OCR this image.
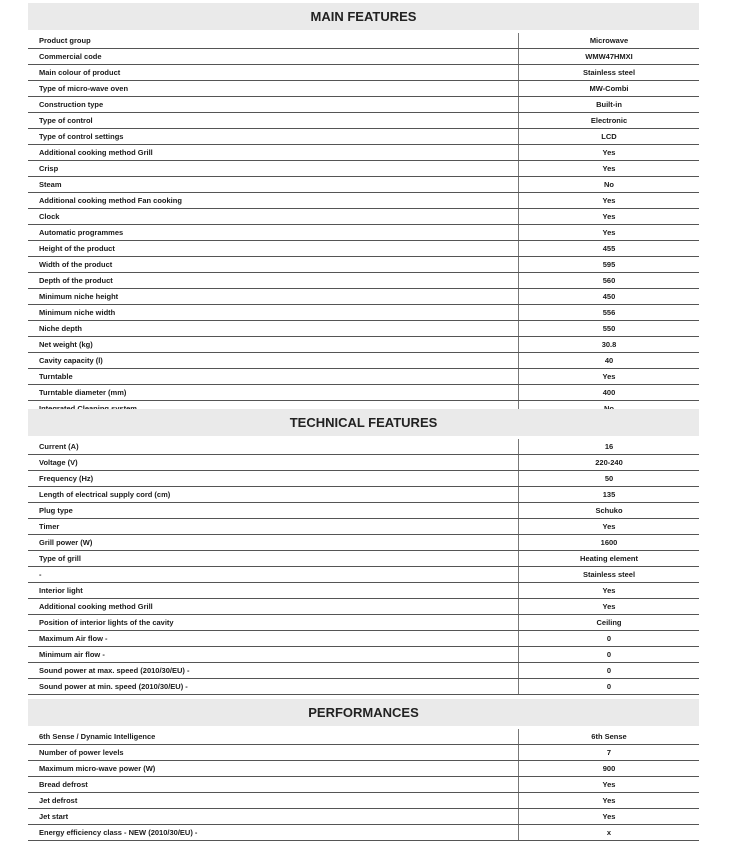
MAIN FEATURES
Product group	Microwave
Commercial code	WMW47HMXI
Main colour of product	Stainless steel
Type of micro-wave oven	MW-Combi
Construction type	Built-in
Type of control	Electronic
Type of control settings	LCD
Additional cooking method Grill	Yes
Crisp	Yes
Steam	No
Additional cooking method Fan cooking	Yes
Clock	Yes
Automatic programmes	Yes
Height of the product	455
Width of the product	595
Depth of the product	560
Minimum niche height	450
Minimum niche width	556
Niche depth	550
Net weight (kg)	30.8
Cavity capacity (l)	40
Turntable	Yes
Turntable diameter (mm)	400
TECHNICAL FEATURES
Current (A)	16
Voltage (V)	220-240
Frequency (Hz)	50
Length of electrical supply cord (cm)	135
Plug type	Schuko
Timer	Yes
Grill power (W)	1600
Type of grill	Heating element
-	Stainless steel
Interior light	Yes
Additional cooking method Grill	Yes
Position of interior lights of the cavity	Ceiling
Maximum Air flow -	0
Minimum air flow -	0
Sound power at max. speed (2010/30/EU) -	0
Sound power at min. speed (2010/30/EU) -	0
PERFORMANCES
6th Sense / Dynamic Intelligence	6th Sense
Number of power levels	7
Maximum micro-wave power (W)	900
Bread defrost	Yes
Jet defrost	Yes
Jet start	Yes
Energy efficiency class - NEW (2010/30/EU) -	x
